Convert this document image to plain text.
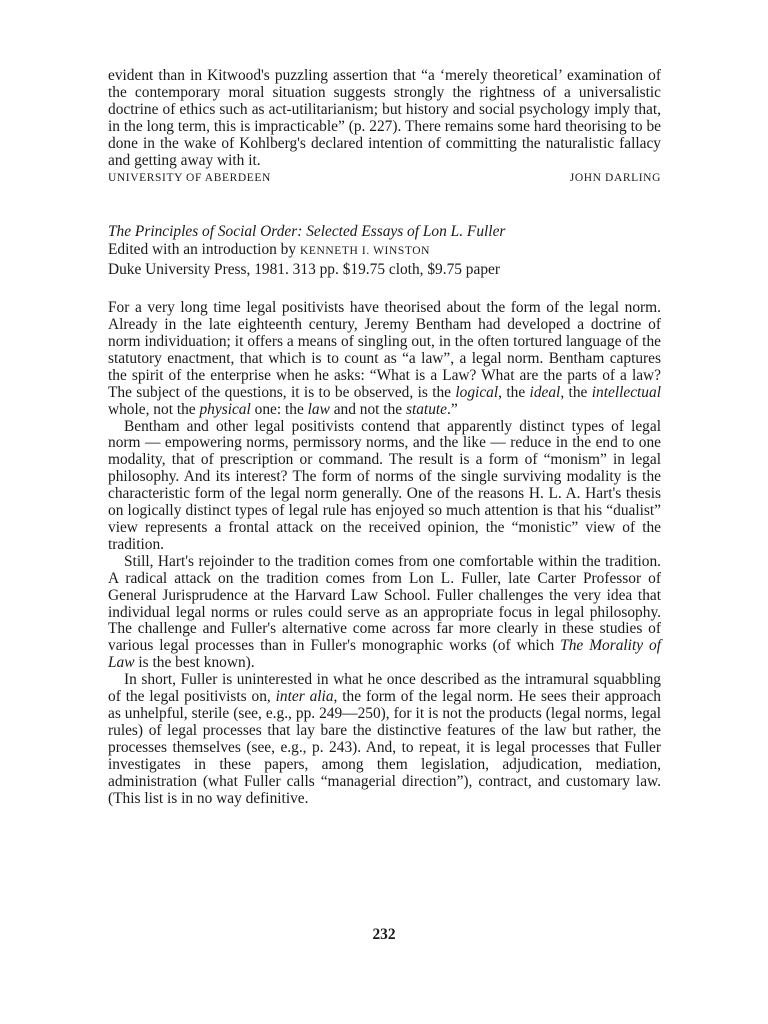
evident than in Kitwood's puzzling assertion that “a ‘merely theoretical’ examination of the contemporary moral situation suggests strongly the rightness of a universalistic doctrine of ethics such as act-utilitarianism; but history and social psychology imply that, in the long term, this is impracticable” (p. 227). There remains some hard theorising to be done in the wake of Kohlberg's declared intention of committing the naturalistic fallacy and getting away with it.

UNIVERSITY OF ABERDEEN	JOHN DARLING
The Principles of Social Order: Selected Essays of Lon L. Fuller
Edited with an introduction by KENNETH I. WINSTON
Duke University Press, 1981. 313 pp. $19.75 cloth, $9.75 paper

For a very long time legal positivists have theorised about the form of the legal norm. Already in the late eighteenth century, Jeremy Bentham had developed a doctrine of norm individuation; it offers a means of singling out, in the often tortured language of the statutory enactment, that which is to count as “a law”, a legal norm. Bentham captures the spirit of the enterprise when he asks: “What is a Law? What are the parts of a law? The subject of the questions, it is to be observed, is the logical, the ideal, the intellectual whole, not the physical one: the law and not the statute.”

Bentham and other legal positivists contend that apparently distinct types of legal norm — empowering norms, permissory norms, and the like — reduce in the end to one modality, that of prescription or command. The result is a form of “monism” in legal philosophy. And its interest? The form of norms of the single surviving modality is the characteristic form of the legal norm generally. One of the reasons H. L. A. Hart's thesis on logically distinct types of legal rule has enjoyed so much attention is that his “dualist” view represents a frontal attack on the received opinion, the “monistic” view of the tradition.

Still, Hart's rejoinder to the tradition comes from one comfortable within the tradition. A radical attack on the tradition comes from Lon L. Fuller, late Carter Professor of General Jurisprudence at the Harvard Law School. Fuller challenges the very idea that individual legal norms or rules could serve as an appropriate focus in legal philosophy. The challenge and Fuller's alternative come across far more clearly in these studies of various legal processes than in Fuller's monographic works (of which The Morality of Law is the best known).

In short, Fuller is uninterested in what he once described as the intramural squabbling of the legal positivists on, inter alia, the form of the legal norm. He sees their approach as unhelpful, sterile (see, e.g., pp. 249—250), for it is not the products (legal norms, legal rules) of legal processes that lay bare the distinctive features of the law but rather, the processes themselves (see, e.g., p. 243). And, to repeat, it is legal processes that Fuller investigates in these papers, among them legislation, adjudication, mediation, administration (what Fuller calls “managerial direction”), contract, and customary law. (This list is in no way definitive.

232
